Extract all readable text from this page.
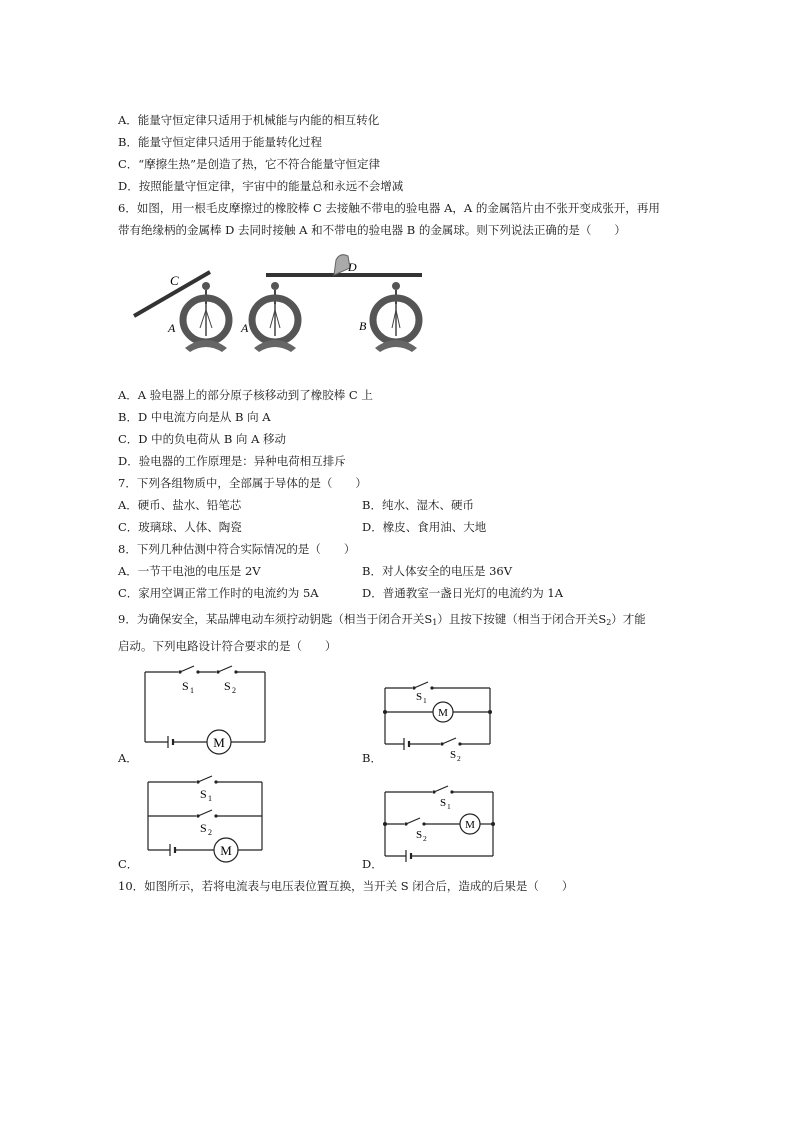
A．能量守恒定律只适用于机械能与内能的相互转化
B．能量守恒定律只适用于能量转化过程
C．“摩擦生热”是创造了热，它不符合能量守恒定律
D．按照能量守恒定律，宇宙中的能量总和永远不会增减
6．如图，用一根毛皮摩擦过的橡胶棒 C 去接触不带电的验电器 A，A 的金属箔片由不张开变成张开，再用
带有绝缘柄的金属棒 D 去同时接触 A 和不带电的验电器 B 的金属球。则下列说法正确的是（　　）
C
A
D
A	B
A．A 验电器上的部分原子核移动到了橡胶棒 C 上
B．D 中电流方向是从 B 向 A
C．D 中的负电荷从 B 向 A 移动
D．验电器的工作原理是：异种电荷相互排斥
7．下列各组物质中，全部属于导体的是（　　）
A．硬币、盐水、铅笔芯	B．纯水、湿木、硬币
C．玻璃球、人体、陶瓷	D．橡皮、食用油、大地
8．下列几种估测中符合实际情况的是（　　）
A．一节干电池的电压是 2V	B．对人体安全的电压是 36V
C．家用空调正常工作时的电流约为 5A	D．普通教室一盏日光灯的电流约为 1A
9．为确保安全，某品牌电动车须拧动钥匙（相当于闭合开关$S_1$）且按下按键（相当于闭合开关$S_2$）才能
启动。下列电路设计符合要求的是（　　）
S 1	S 2
M
A．
S 1
S 2
M
B．
S 1
S 2
M
C．
S 1
S 2
M
D．
10．如图所示，若将电流表与电压表位置互换，当开关 S 闭合后，造成的后果是（　　）
